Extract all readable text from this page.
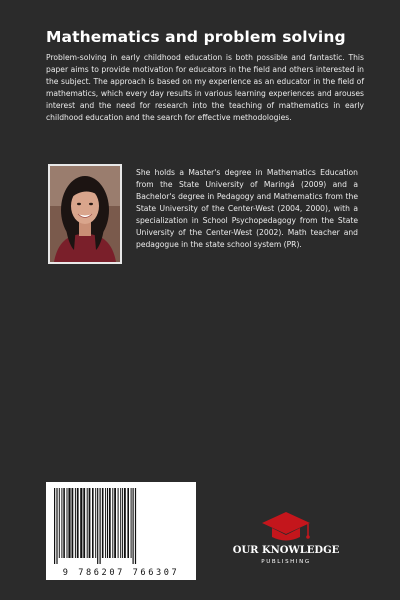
Mathematics and problem solving

Problem-solving in early childhood education is both possible and fantastic. This paper aims to provide motivation for educators in the field and others interested in the subject. The approach is based on my experience as an educator in the field of mathematics, which every day results in various learning experiences and arouses interest and the need for research into the teaching of mathematics in early childhood education and the search for effective methodologies.

She holds a Master's degree in Mathematics Education from the State University of Maringá (2009) and a Bachelor's degree in Pedagogy and Mathematics from the State University of the Center-West (2004, 2000), with a specialization in School Psychopedagogy from the State University of the Center-West (2002). Math teacher and pedagogue in the state school system (PR).

9 786207 766307
OUR KNOWLEDGE
PUBLISHING
